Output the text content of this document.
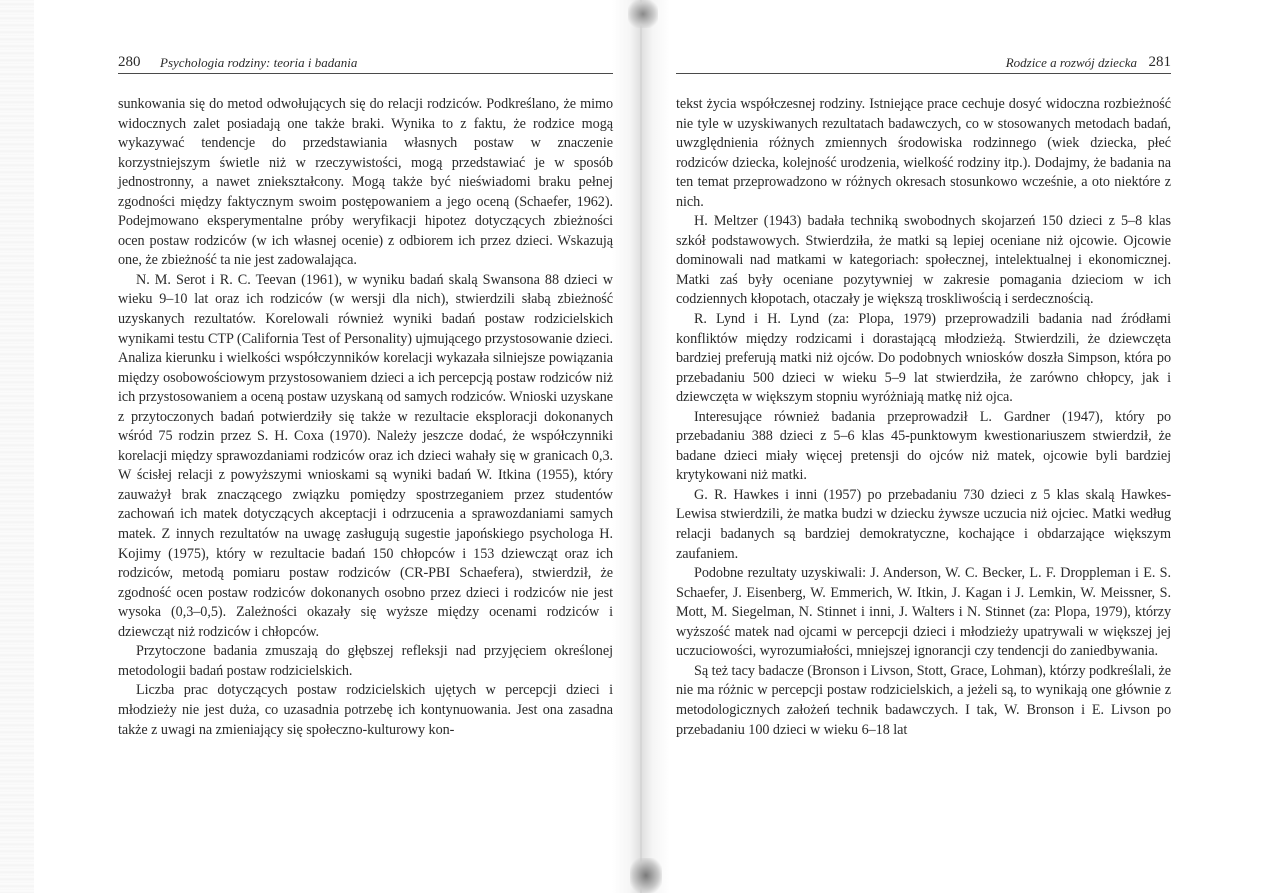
280 Psychologia rodziny: teoria i badania

sunkowania się do metod odwołujących się do relacji rodziców. Podkreślano, że mimo widocznych zalet posiadają one także braki. Wynika to z faktu, że rodzice mogą wykazywać tendencje do przedstawiania własnych postaw w znaczenie korzystniejszym świetle niż w rzeczywistości, mogą przedstawiać je w sposób jednostronny, a nawet zniekształcony. Mogą także być nieświadomi braku pełnej zgodności między faktycznym swoim postępowaniem a jego oceną (Schaefer, 1962). Podejmowano eksperymentalne próby weryfikacji hipotez dotyczących zbieżności ocen postaw rodziców (w ich własnej ocenie) z odbiorem ich przez dzieci. Wskazują one, że zbieżność ta nie jest zadowalająca.

N. M. Serot i R. C. Teevan (1961), w wyniku badań skalą Swansona 88 dzieci w wieku 9–10 lat oraz ich rodziców (w wersji dla nich), stwierdzili słabą zbieżność uzyskanych rezultatów. Korelowali również wyniki badań postaw rodzicielskich wynikami testu CTP (California Test of Personality) ujmującego przystosowanie dzieci. Analiza kierunku i wielkości współczynników korelacji wykazała silniejsze powiązania między osobowościowym przystosowaniem dzieci a ich percepcją postaw rodziców niż ich przystosowaniem a oceną postaw uzyskaną od samych rodziców. Wnioski uzyskane z przytoczonych badań potwierdziły się także w rezultacie eksploracji dokonanych wśród 75 rodzin przez S. H. Coxa (1970). Należy jeszcze dodać, że współczynniki korelacji między sprawozdaniami rodziców oraz ich dzieci wahały się w granicach 0,3. W ścisłej relacji z powyższymi wnioskami są wyniki badań W. Itkina (1955), który zauważył brak znaczącego związku pomiędzy spostrzeganiem przez studentów zachowań ich matek dotyczących akceptacji i odrzucenia a sprawozdaniami samych matek. Z innych rezultatów na uwagę zasługują sugestie japońskiego psychologa H. Kojimy (1975), który w rezultacie badań 150 chłopców i 153 dziewcząt oraz ich rodziców, metodą pomiaru postaw rodziców (CR-PBI Schaefera), stwierdził, że zgodność ocen postaw rodziców dokonanych osobno przez dzieci i rodziców nie jest wysoka (0,3–0,5). Zależności okazały się wyższe między ocenami rodziców i dziewcząt niż rodziców i chłopców.

Przytoczone badania zmuszają do głębszej refleksji nad przyjęciem określonej metodologii badań postaw rodzicielskich.

Liczba prac dotyczących postaw rodzicielskich ujętych w percepcji dzieci i młodzieży nie jest duża, co uzasadnia potrzebę ich kontynuowania. Jest ona zasadna także z uwagi na zmieniający się społeczno-kulturowy kon-

Rodzice a rozwój dziecka 281

tekst życia współczesnej rodziny. Istniejące prace cechuje dosyć widoczna rozbieżność nie tyle w uzyskiwanych rezultatach badawczych, co w stosowanych metodach badań, uwzględnienia różnych zmiennych środowiska rodzinnego (wiek dziecka, płeć rodziców dziecka, kolejność urodzenia, wielkość rodziny itp.). Dodajmy, że badania na ten temat przeprowadzono w różnych okresach stosunkowo wcześnie, a oto niektóre z nich.

H. Meltzer (1943) badała techniką swobodnych skojarzeń 150 dzieci z 5–8 klas szkół podstawowych. Stwierdziła, że matki są lepiej oceniane niż ojcowie. Ojcowie dominowali nad matkami w kategoriach: społecznej, intelektualnej i ekonomicznej. Matki zaś były oceniane pozytywniej w zakresie pomagania dzieciom w ich codziennych kłopotach, otaczały je większą troskliwością i serdecznością.

R. Lynd i H. Lynd (za: Plopa, 1979) przeprowadzili badania nad źródłami konfliktów między rodzicami i dorastającą młodzieżą. Stwierdzili, że dziewczęta bardziej preferują matki niż ojców. Do podobnych wniosków doszła Simpson, która po przebadaniu 500 dzieci w wieku 5–9 lat stwierdziła, że zarówno chłopcy, jak i dziewczęta w większym stopniu wyróżniają matkę niż ojca.

Interesujące również badania przeprowadził L. Gardner (1947), który po przebadaniu 388 dzieci z 5–6 klas 45-punktowym kwestionariuszem stwierdził, że badane dzieci miały więcej pretensji do ojców niż matek, ojcowie byli bardziej krytykowani niż matki.

G. R. Hawkes i inni (1957) po przebadaniu 730 dzieci z 5 klas skalą Hawkes-Lewisa stwierdzili, że matka budzi w dziecku żywsze uczucia niż ojciec. Matki według relacji badanych są bardziej demokratyczne, kochające i obdarzające większym zaufaniem.

Podobne rezultaty uzyskiwali: J. Anderson, W. C. Becker, L. F. Droppleman i E. S. Schaefer, J. Eisenberg, W. Emmerich, W. Itkin, J. Kagan i J. Lemkin, W. Meissner, S. Mott, M. Siegelman, N. Stinnet i inni, J. Walters i N. Stinnet (za: Plopa, 1979), którzy wyższość matek nad ojcami w percepcji dzieci i młodzieży upatrywali w większej jej uczuciowości, wyrozumiałości, mniejszej ignorancji czy tendencji do zaniedbywania.

Są też tacy badacze (Bronson i Livson, Stott, Grace, Lohman), którzy podkreślali, że nie ma różnic w percepcji postaw rodzicielskich, a jeżeli są, to wynikają one głównie z metodologicznych założeń technik badawczych. I tak, W. Bronson i E. Livson po przebadaniu 100 dzieci w wieku 6–18 lat
